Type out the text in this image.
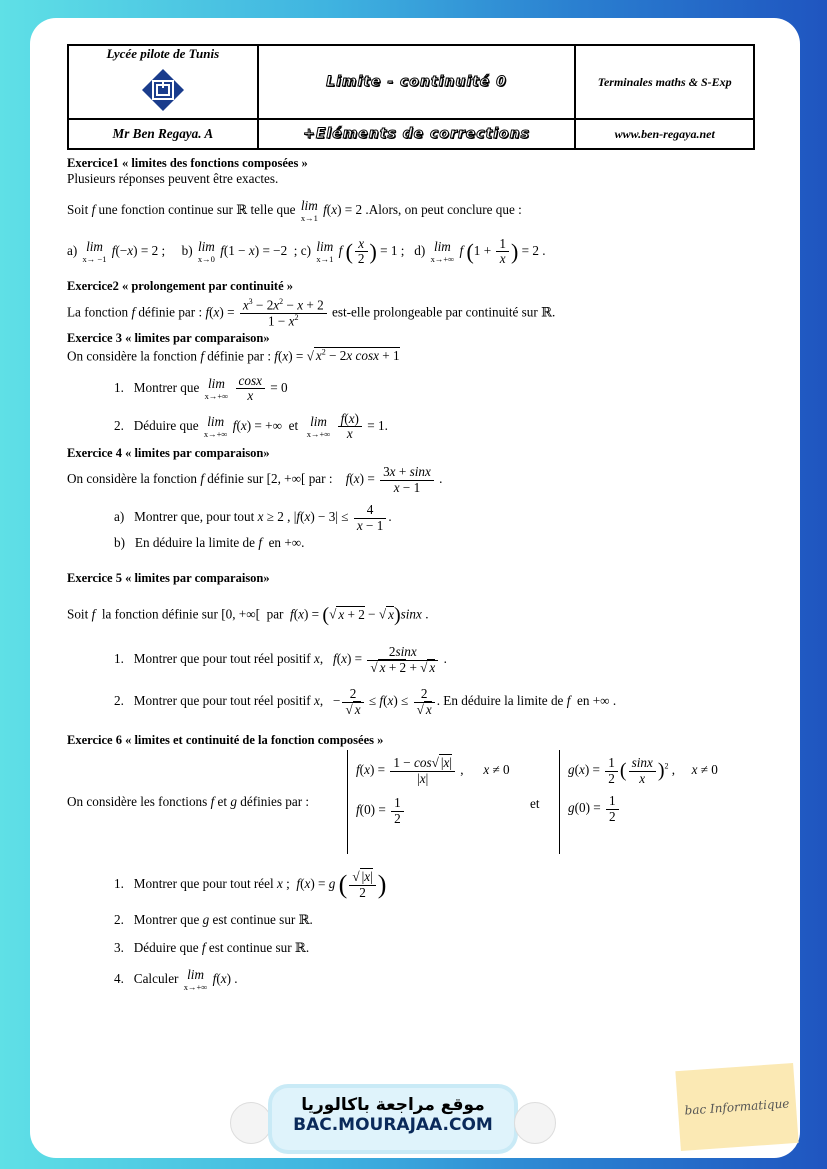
Lycée pilote de Tunis	Limite - continuité 0	Terminales maths & S-Exp
Mr Ben Regaya. A	+Eléments de corrections	www.ben-regaya.net
Exercice1 « limites des fonctions composées »

Plusieurs réponses peuvent être exactes.

Soit f une fonction continue sur ℝ telle que lim
x→1
f(x) = 2 .Alors, on peut conclure que :

a) lim
x→ −1
f(−x) = 2 ;     b) lim
x→0
f(1 − x) = −2  ; c) lim
x→1
f ( $\frac{x}{2}$ ) = 1 ;   d) lim
x→+∞
f ($1 + \frac{1}{x}$ ) = 2 .

Exercice2 « prolongement par continuité »

La fonction f définie par : $f(x) = \frac{x^3 - 2x^2 - x + 2}{1 - x^2}$ est-elle prolongeable par continuité sur ℝ.

Exercice 3 « limites par comparaison»

On considère la fonction f définie par : f(x) = √ $x^2 - 2x$ cosx + 1

1.   Montrer que lim
x→+∞
$\frac{\cos x}{x} = 0$

2.   Déduire que lim
x→+∞
f(x) = +∞  et lim
x→+∞
$\frac{f(x)}{x} = 1$.

Exercice 4 « limites par comparaison»

On considère la fonction f définie sur [2, +∞[ par :    $f(x) = \frac{3x + \sin x}{x - 1}$ .

a)   Montrer que, pour tout x ≥ 2 , $|f(x) - 3| \le \frac{4}{x - 1}$ .

b)   En déduire la limite de f  en +∞.

Exercice 5 « limites par comparaison»

Soit f  la fonction définie sur [0, +∞[  par  f(x) = (√ x + 2 − √ x)sinx .

1.   Montrer que pour tout réel positif x,   $f(x) = \frac{2\sin x}{√ x + 2 + √ x}$ .

2.   Montrer que pour tout réel positif x,   − $\frac{2}{√ x} \le f(x) \le \frac{2}{√ x}$ . En déduire la limite de f  en +∞ .

Exercice 6 « limites et continuité de la fonction composées »
On considère les fonctions f et g définies par :
$f(x) = \frac{1 - \cos√ |x|}{|x|}$ ,      x ≠ 0
$f(0) = \frac{1}{2}$	et
$g(x) = \frac{1}{2}$ ( $\frac{\sin x}{x} )^2$ ,     x ≠ 0
$g(0) = \frac{1}{2}$

1.   Montrer que pour tout réel x ;  f(x) = g ( $\frac{√ |x|}{2}$ )

2.   Montrer que g est continue sur ℝ.

3.   Déduire que f est continue sur ℝ.

4.   Calculer lim
x→+∞
f(x) .

موقع مراجعة باكالوريا
BAC.MOURAJAA.COM
bac Informatique
